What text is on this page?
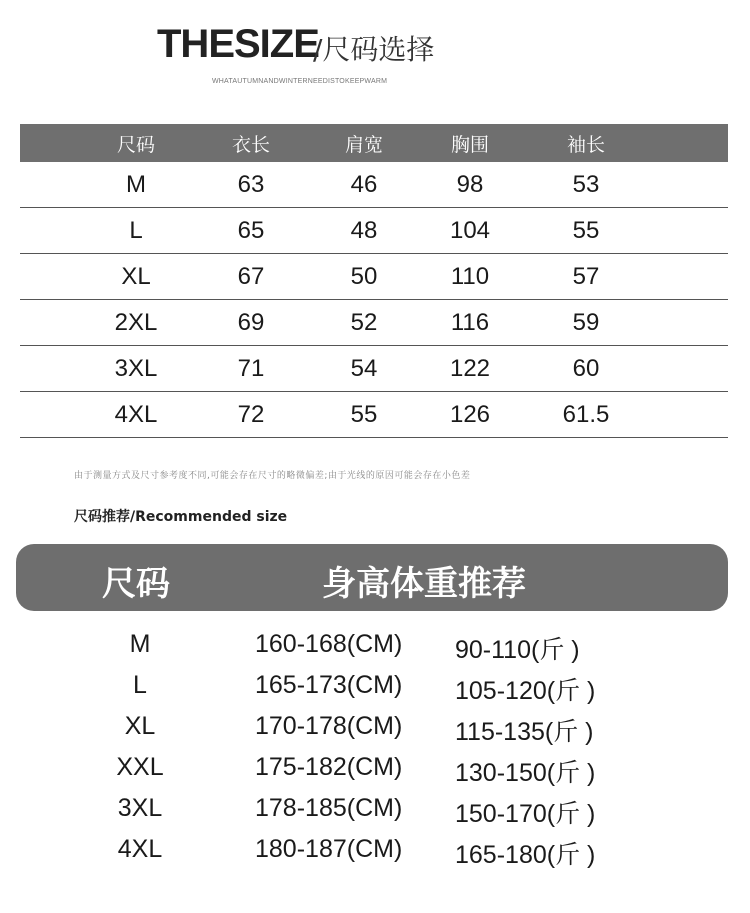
THESIZE
/尺码选择
WHATAUTUMNANDWINTERNEEDISTOKEEPWARM
尺码	衣长	肩宽	胸围	袖长
M	63	46	98	53
L	65	48	104	55
XL	67	50	110	57
2XL	69	52	116	59
3XL	71	54	122	60
4XL	72	55	126	61.5
由于测量方式及尺寸参考度不同,可能会存在尺寸的略微偏差;由于光线的原因可能会存在小色差
尺码推荐/Recommended size
尺码	身高体重推荐
M	160-168(CM) 90-110(斤 )
L	165-173(CM) 105-120(斤 )
XL	170-178(CM) 115-135(斤 )
XXL	175-182(CM) 130-150(斤 )
3XL	178-185(CM) 150-170(斤 )
4XL	180-187(CM) 165-180(斤 )
